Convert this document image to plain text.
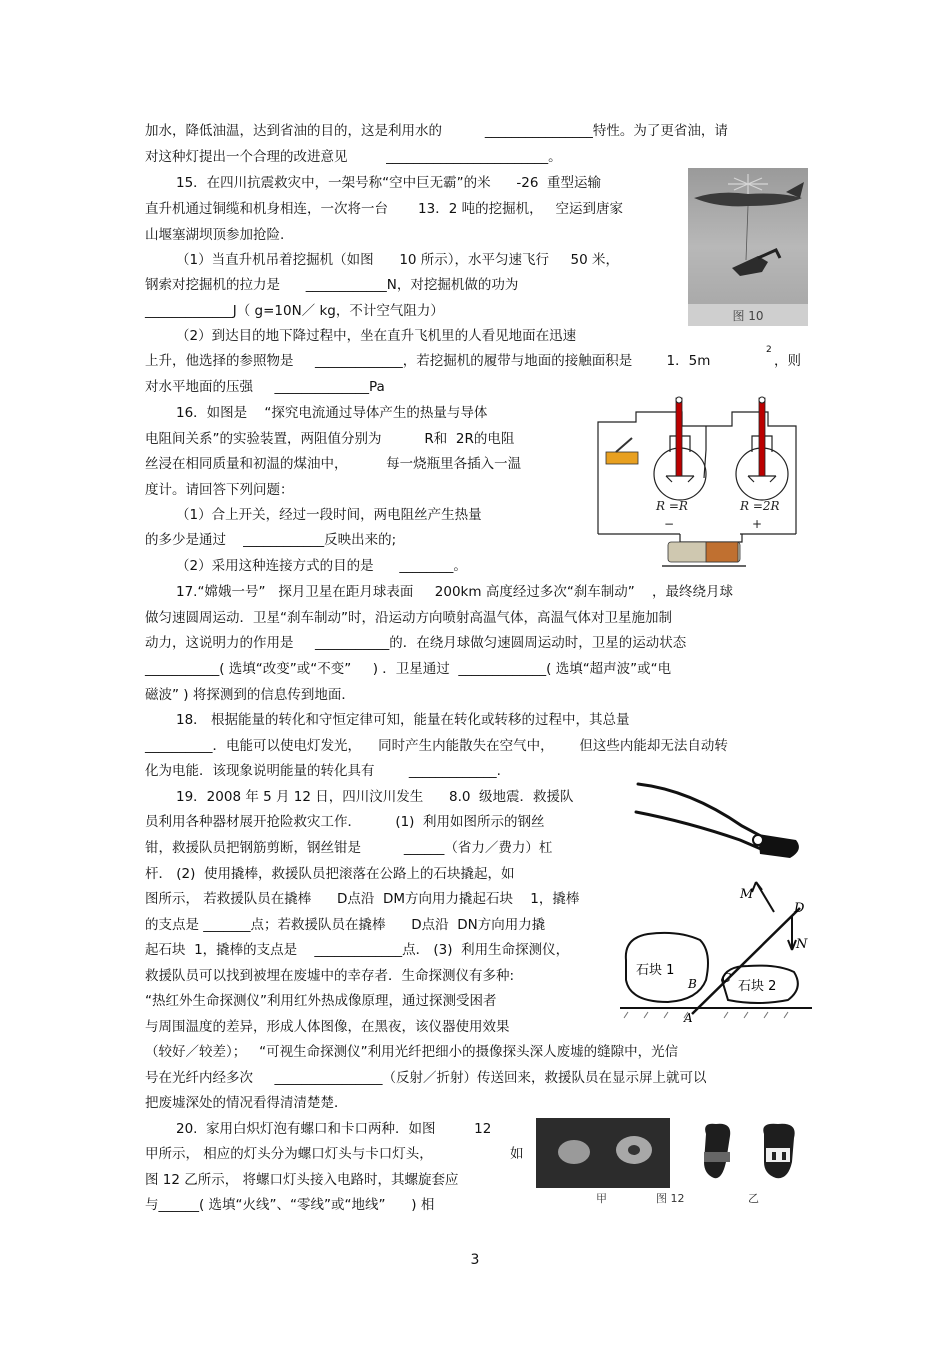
加水，降低油温，达到省油的目的，这是利用水的          ________________特性。为了更省油，请
对这种灯提出一个合理的改进意见         ________________________。
15．在四川抗震救灾中，一架号称“空中巨无霸”的米      -26  重型运输
直升机通过铜缆和机身相连，一次将一台       13．2 吨的挖掘机，   空运到唐家
山堰塞湖坝顶参加抢险.
（1）当直升机吊着挖掘机（如图      10 所示），水平匀速飞行     50 米，
钢索对挖掘机的拉力是      ____________N，对挖掘机做的功为
_____________J（ g=10N／ kg，不计空气阻力）
（2）到达目的地下降过程中，坐在直升飞机里的人看见地面在迅速
上升，他选择的参照物是     _____________，若挖掘机的履带与地面的接触面积是        1．5m
2
，则
对水平地面的压强     ______________Pa
16．如图是    “探究电流通过导体产生的热量与导体
电阻间关系”的实验装置，两阻值分别为          R和  2R的电阻
丝浸在相同质量和初温的煤油中，         每一烧瓶里各插入一温
度计。请回答下列问题：
（1）合上开关，经过一段时间，两电阻丝产生热量
的多少是通过    ____________反映出来的;
（2）采用这种连接方式的目的是      ________。
17.“嫦娥一号”   探月卫星在距月球表面     200km 高度经过多次“刹车制动”    ，最终绕月球
做匀速圆周运动．卫星“刹车制动”时，沿运动方向喷射高温气体，高温气体对卫星施加制
动力，这说明力的作用是     ___________的．在绕月球做匀速圆周运动时，卫星的运动状态
___________( 选填“改变”或“不变”     ) ．卫星通过  _____________( 选填“超声波”或“电
磁波” ) 将探测到的信息传到地面．
18． 根据能量的转化和守恒定律可知，能量在转化或转移的过程中，其总量
__________．电能可以使电灯发光，    同时产生内能散失在空气中，      但这些内能却无法自动转
化为电能．该现象说明能量的转化具有        _____________.
19．2008 年 5 月 12 日，四川汶川发生      8.0  级地震．救援队
员利用各种器材展开抢险救灾工作．        (1)  利用如图所示的钢丝
钳，救援队员把钢筋剪断，钢丝钳是          ______（省力／费力）杠
杆． (2)  使用撬棒，救援队员把滚落在公路上的石块撬起，如
图所示， 若救援队员在撬棒      D点沿  DM方向用力撬起石块    1，撬棒
的支点是 _______点；若救援队员在撬棒      D点沿  DN方向用力撬
起石块  1，撬棒的支点是    _____________点． (3)  利用生命探测仪，
救援队员可以找到被埋在废墟中的幸存者．生命探测仪有多种:
“热红外生命探测仪”利用红外热成像原理，通过探测受困者
与周围温度的差异，形成人体图像，在黑夜，该仪器使用效果
（较好／较差）；   “可视生命探测仪”利用光纤把细小的摄像探头深人废墟的缝隙中，光信
号在光纤内经多次     ________________（反射／折射）传送回来，救援队员在显示屏上就可以
把废墟深处的情况看得清清楚楚．
20.  家用白炽灯泡有螺口和卡口两种．如图         12
甲所示， 相应的灯头分为螺口灯头与卡口灯头，                  如
图 12 乙所示， 将螺口灯头接入电路时，其螺旋套应
与______( 选填“火线”、“零线”或“地线”      ) 相
图 10
R =R	R =2R
−	+
M
D
N
B C
A
石块 1
石块 2
甲	图 12	乙
3
